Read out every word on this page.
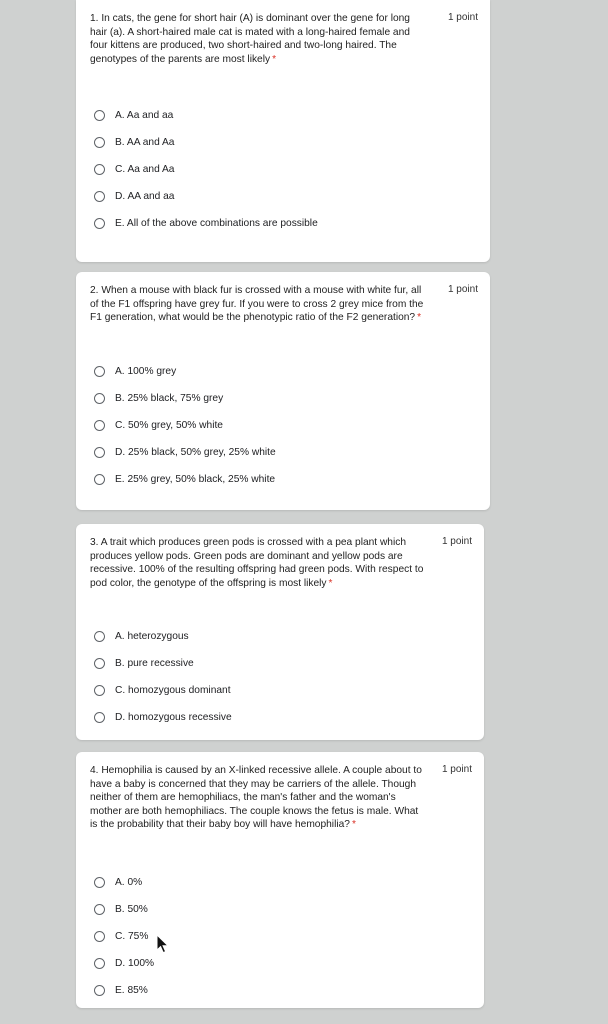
1. In cats, the gene for short hair (A) is dominant over the gene for long hair (a). A short-haired male cat is mated with a long-haired female and four kittens are produced, two short-haired and two-long haired. The genotypes of the parents are most likely *
1 point
A. Aa and aa
B. AA and Aa
C. Aa and Aa
D. AA and aa
E. All of the above combinations are possible
2. When a mouse with black fur is crossed with a mouse with white fur, all of the F1 offspring have grey fur. If you were to cross 2 grey mice from the F1 generation, what would be the phenotypic ratio of the F2 generation? *
1 point
A. 100% grey
B. 25% black, 75% grey
C. 50% grey, 50% white
D. 25% black, 50% grey, 25% white
E. 25% grey, 50% black, 25% white
3. A trait which produces green pods is crossed with a pea plant which produces yellow pods. Green pods are dominant and yellow pods are recessive. 100% of the resulting offspring had green pods. With respect to pod color, the genotype of the offspring is most likely *
1 point
A. heterozygous
B. pure recessive
C. homozygous dominant
D. homozygous recessive
4. Hemophilia is caused by an X-linked recessive allele. A couple about to have a baby is concerned that they may be carriers of the allele. Though neither of them are hemophiliacs, the man's father and the woman's mother are both hemophiliacs. The couple knows the fetus is male. What is the probability that their baby boy will have hemophilia? *
1 point
A. 0%
B. 50%
C. 75%
D. 100%
E. 85%
